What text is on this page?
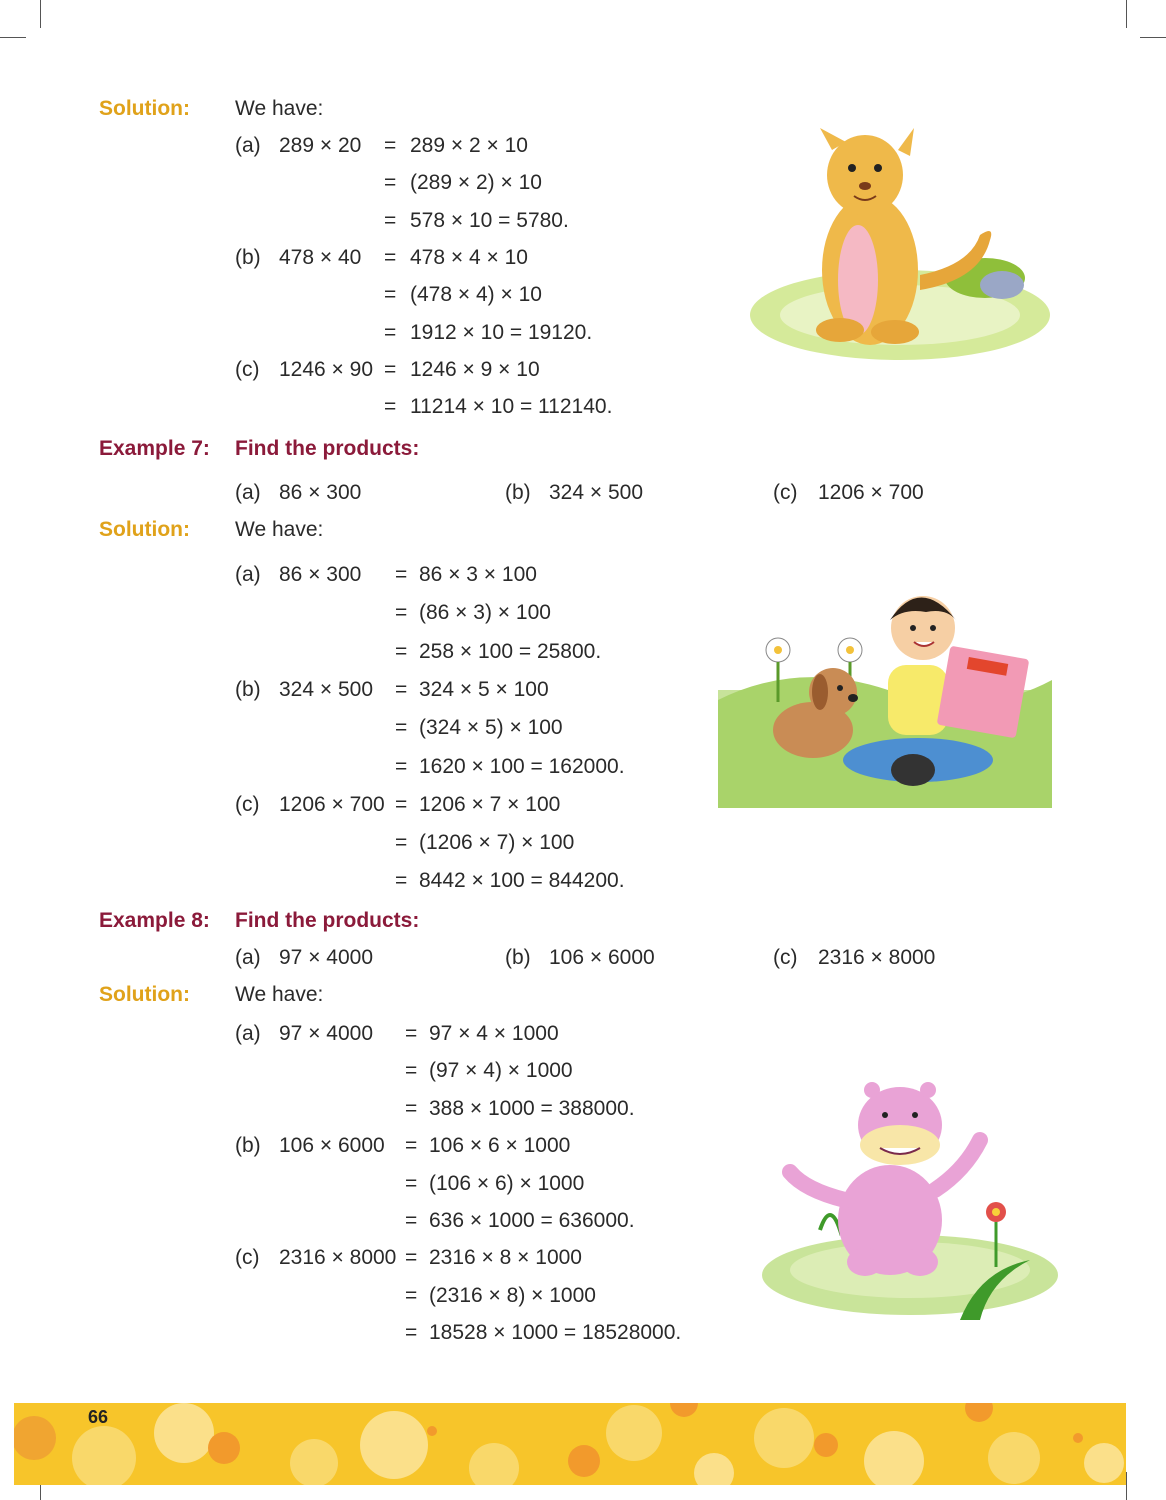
Solution: We have:
(a) 289 × 20 = 289 × 2 × 10
= (289 × 2) × 10
= 578 × 10 = 5780.
(b) 478 × 40 = 478 × 4 × 10
= (478 × 4) × 10
= 1912 × 10 = 19120.
(c) 1246 × 90 = 1246 × 9 × 10
= 11214 × 10 = 112140.
Example 7: Find the products:
(a) 86 × 300	(b) 324 × 500	(c) 1206 × 700
Solution: We have:
(a) 86 × 300 = 86 × 3 × 100
= (86 × 3) × 100
= 258 × 100 = 25800.
(b) 324 × 500 = 324 × 5 × 100
= (324 × 5) × 100
= 1620 × 100 = 162000.
(c) 1206 × 700 = 1206 × 7 × 100
= (1206 × 7) × 100
= 8442 × 100 = 844200.
Example 8: Find the products:
(a) 97 × 4000	(b) 106 × 6000	(c) 2316 × 8000
Solution: We have:
(a) 97 × 4000 = 97 × 4 × 1000
= (97 × 4) × 1000
= 388 × 1000 = 388000.
(b) 106 × 6000 = 106 × 6 × 1000
= (106 × 6) × 1000
= 636 × 1000 = 636000.
(c) 2316 × 8000 = 2316 × 8 × 1000
= (2316 × 8) × 1000
= 18528 × 1000 = 18528000.
66
